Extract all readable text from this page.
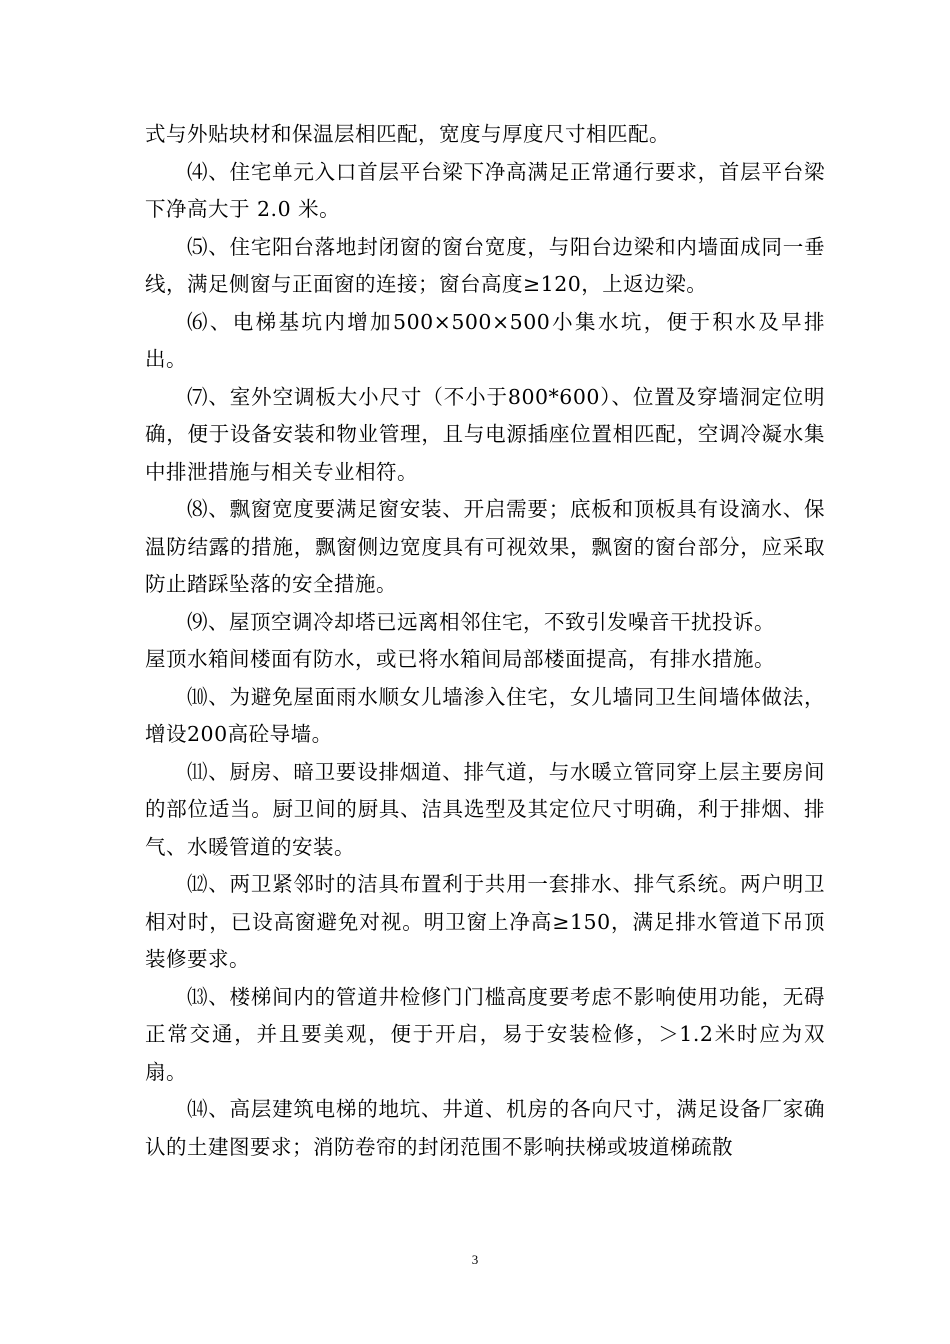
式与外贴块材和保温层相匹配，宽度与厚度尺寸相匹配。

⑷、住宅单元入口首层平台梁下净高满足正常通行要求，首层平台梁下净高大于 2.0 米。

⑸、住宅阳台落地封闭窗的窗台宽度，与阳台边梁和内墙面成同一垂线，满足侧窗与正面窗的连接；窗台高度≥120，上返边梁。

⑹、电梯基坑内增加500×500×500小集水坑，便于积水及早排出。

⑺、室外空调板大小尺寸（不小于800*600）、位置及穿墙洞定位明确，便于设备安装和物业管理，且与电源插座位置相匹配，空调冷凝水集中排泄措施与相关专业相符。

⑻、飘窗宽度要满足窗安装、开启需要；底板和顶板具有设滴水、保温防结露的措施，飘窗侧边宽度具有可视效果，飘窗的窗台部分，应采取防止踏踩坠落的安全措施。

⑼、屋顶空调冷却塔已远离相邻住宅，不致引发噪音干扰投诉。

屋顶水箱间楼面有防水，或已将水箱间局部楼面提高，有排水措施。

⑽、为避免屋面雨水顺女儿墙渗入住宅，女儿墙同卫生间墙体做法，增设200高砼导墙。

⑾、厨房、暗卫要设排烟道、排气道，与水暖立管同穿上层主要房间的部位适当。厨卫间的厨具、洁具选型及其定位尺寸明确，利于排烟、排气、水暖管道的安装。

⑿、两卫紧邻时的洁具布置利于共用一套排水、排气系统。两户明卫相对时，已设高窗避免对视。明卫窗上净高≥150，满足排水管道下吊顶装修要求。

⒀、楼梯间内的管道井检修门门槛高度要考虑不影响使用功能，无碍正常交通，并且要美观，便于开启，易于安装检修，＞1.2米时应为双扇。

⒁、高层建筑电梯的地坑、井道、机房的各向尺寸，满足设备厂家确认的土建图要求；消防卷帘的封闭范围不影响扶梯或坡道梯疏散

3
